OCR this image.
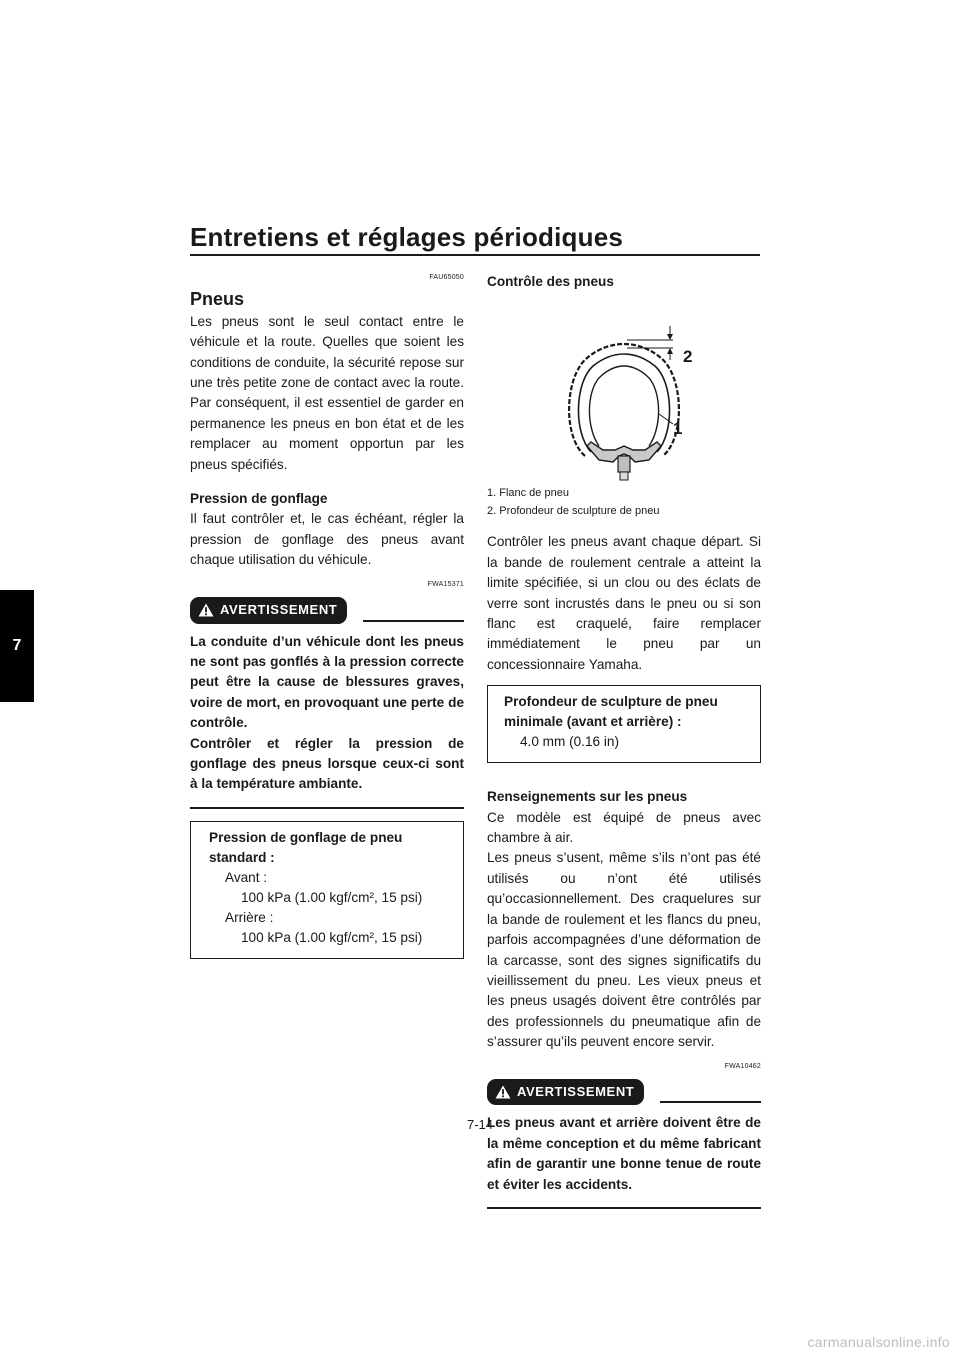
Entretiens et réglages périodiques
7
FAU65050
Pneus

Les pneus sont le seul contact entre le véhicule et la route. Quelles que soient les conditions de conduite, la sécurité repose sur une très petite zone de contact avec la route. Par conséquent, il est essentiel de garder en permanence les pneus en bon état et de les remplacer au moment opportun par les pneus spécifiés.

Pression de gonflage

Il faut contrôler et, le cas échéant, régler la pression de gonflage des pneus avant chaque utilisation du véhicule.

FWA15371
AVERTISSEMENT
La conduite d’un véhicule dont les pneus ne sont pas gonflés à la pression correcte peut être la cause de blessures graves, voire de mort, en provoquant une perte de contrôle.
Contrôler et régler la pression de gonflage des pneus lorsque ceux-ci sont à la température ambiante.
Pression de gonflage de pneu standard :
Avant :
100 kPa (1.00 kgf/cm², 15 psi)
Arrière :
100 kPa (1.00 kgf/cm², 15 psi)
Contrôle des pneus
2
1
1. Flanc de pneu
2. Profondeur de sculpture de pneu

Contrôler les pneus avant chaque départ. Si la bande de roulement centrale a atteint la limite spécifiée, si un clou ou des éclats de verre sont incrustés dans le pneu ou si son flanc est craquelé, faire remplacer immédiatement le pneu par un concessionnaire Yamaha.

Profondeur de sculpture de pneu minimale (avant et arrière) :
4.0 mm (0.16 in)
Renseignements sur les pneus

Ce modèle est équipé de pneus avec chambre à air.

Les pneus s’usent, même s’ils n’ont pas été utilisés ou n’ont été utilisés qu’occasionnellement. Des craquelures sur la bande de roulement et les flancs du pneu, parfois accompagnées d’une déformation de la carcasse, sont des signes significatifs du vieillissement du pneu. Les vieux pneus et les pneus usagés doivent être contrôlés par des professionnels du pneumatique afin de s’assurer qu’ils peuvent encore servir.

FWA10462
AVERTISSEMENT
Les pneus avant et arrière doivent être de la même conception et du même fabricant afin de garantir une bonne tenue de route et éviter les accidents.
7-14
carmanualsonline.info
